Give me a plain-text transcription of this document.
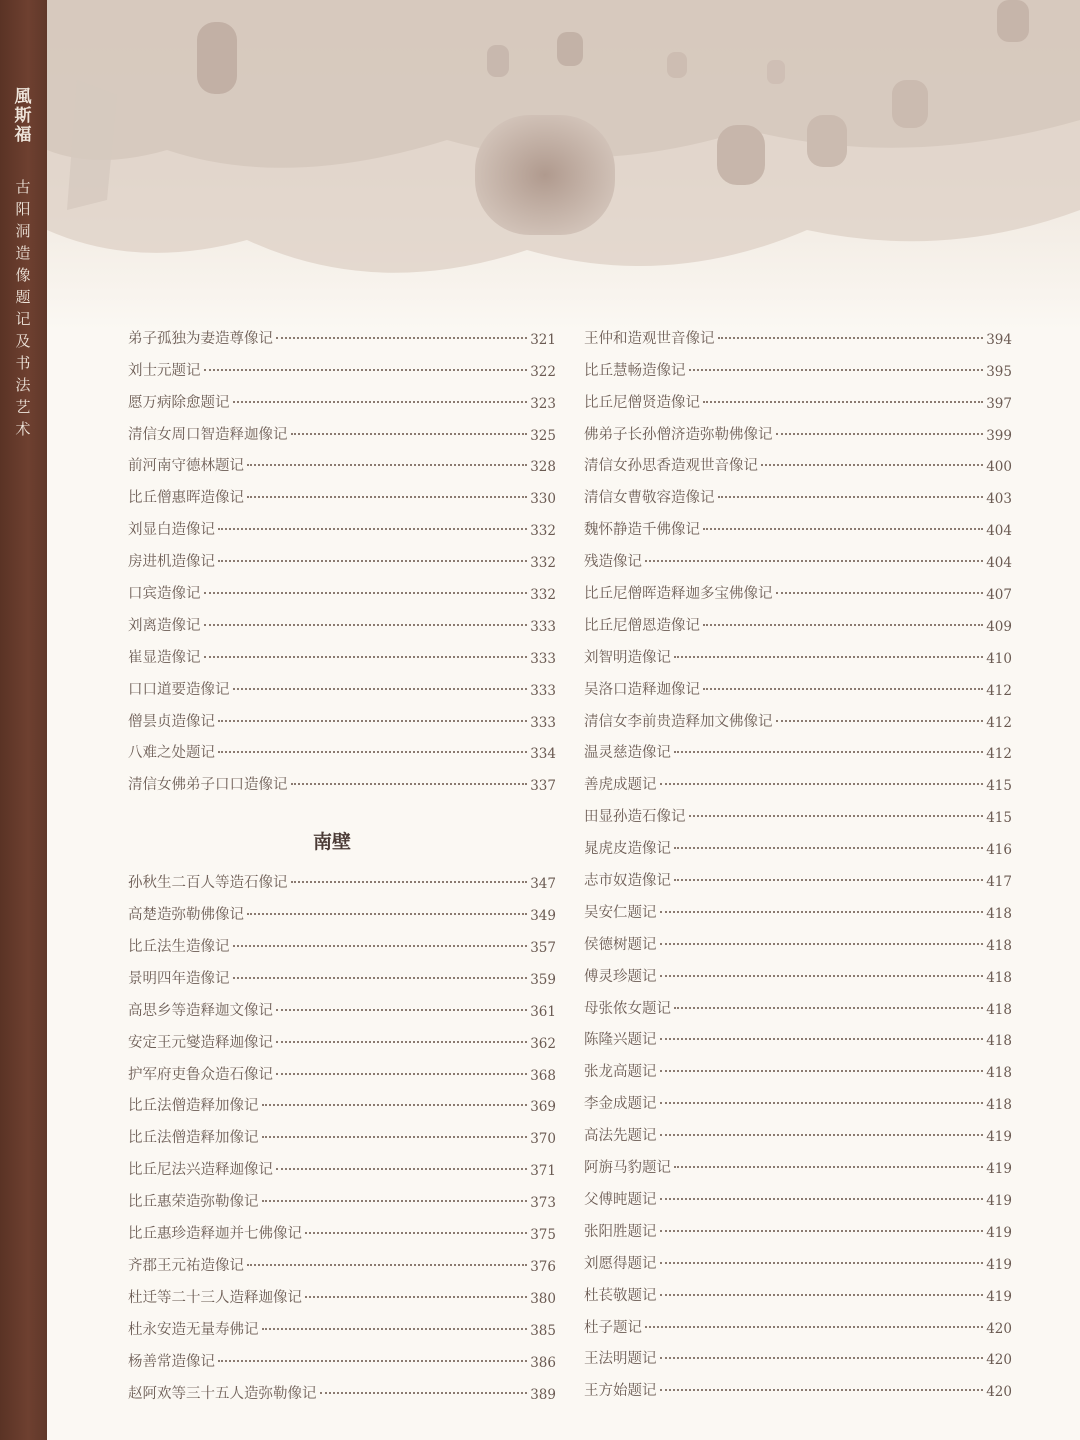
風
斯
福
古
阳
洞
造
像
题
记
及
书
法
艺
术
弟子孤独为妻造尊像记	321
刘士元题记	322
愿万病除愈题记	323
清信女周口智造释迦像记	325
前河南守德林题记	328
比丘僧惠晖造像记	330
刘显白造像记	332
房进机造像记	332
口宾造像记	332
刘离造像记	333
崔显造像记	333
口口道要造像记	333
僧昙贞造像记	333
八难之处题记	334
清信女佛弟子口口造像记	337
南壁
孙秋生二百人等造石像记	347
高楚造弥勒佛像记	349
比丘法生造像记	357
景明四年造像记	359
高思乡等造释迦文像记	361
安定王元燮造释迦像记	362
护军府吏鲁众造石像记	368
比丘法僧造释加像记	369
比丘法僧造释加像记	370
比丘尼法兴造释迦像记	371
比丘惠荣造弥勒像记	373
比丘惠珍造释迦并七佛像记	375
齐郡王元祐造像记	376
杜迁等二十三人造释迦像记	380
杜永安造无量寿佛记	385
杨善常造像记	386
赵阿欢等三十五人造弥勒像记	389
王仲和造观世音像记	394
比丘慧畅造像记	395
比丘尼僧贤造像记	397
佛弟子长孙僧济造弥勒佛像记	399
清信女孙思香造观世音像记	400
清信女曹敬容造像记	403
魏怀静造千佛像记	404
残造像记	404
比丘尼僧晖造释迦多宝佛像记	407
比丘尼僧恩造像记	409
刘智明造像记	410
吴洛口造释迦像记	412
清信女李前贵造释加文佛像记	412
温灵慈造像记	412
善虎成题记	415
田显孙造石像记	415
晁虎皮造像记	416
志市奴造像记	417
吴安仁题记	418
侯德树题记	418
傅灵珍题记	418
母张侬女题记	418
陈隆兴题记	418
张龙高题记	418
李金成题记	418
高法先题记	419
阿旃马豹题记	419
父傅旽题记	419
张阳胜题记	419
刘愿得题记	419
杜苌敬题记	419
杜子题记	420
王法明题记	420
王方始题记	420
